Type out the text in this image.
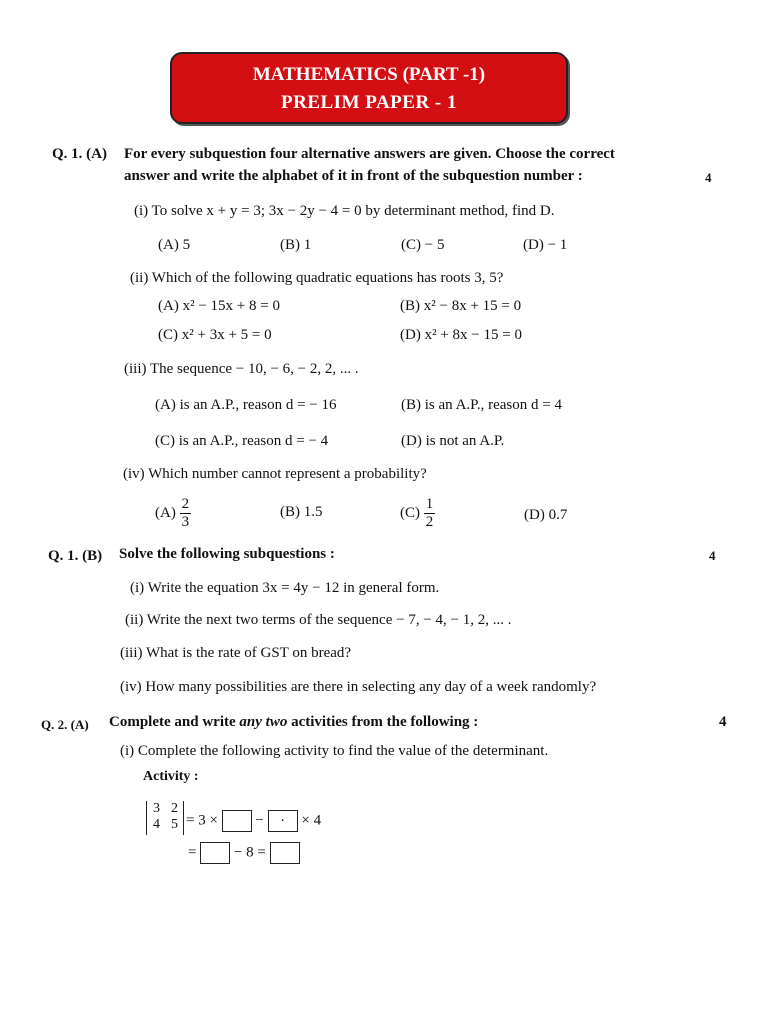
MATHEMATICS (PART -1)
PRELIM PAPER - 1
Q. 1. (A) For every subquestion four alternative answers are given. Choose the correct
answer and write the alphabet of it in front of the subquestion number :	4
(i) To solve x + y = 3; 3x − 2y − 4 = 0 by determinant method, find D.
(A) 5	(B) 1	(C) − 5	(D) − 1
(ii) Which of the following quadratic equations has roots 3, 5?
(A) x² − 15x + 8 = 0	(B) x² − 8x + 15 = 0
(C) x² + 3x + 5 = 0	(D) x² + 8x − 15 = 0
(iii) The sequence − 10, − 6, − 2, 2, ... .
(A) is an A.P., reason d = − 16	(B) is an A.P., reason d = 4
(C) is an A.P., reason d = − 4	(D) is not an A.P.
(iv) Which number cannot represent a probability?
$(A) \frac{2}{3}$	(B) 1.5	$(C) \frac{1}{2}$	(D) 0.7
Q. 1. (B) Solve the following subquestions :	4
(i) Write the equation 3x = 4y − 12 in general form.
(ii) Write the next two terms of the sequence − 7, − 4, − 1, 2, ... .
(iii) What is the rate of GST on bread?
(iv) How many possibilities are there in selecting any day of a week randomly?
Q. 2. (A) Complete and write any two activities from the following :	4
(i) Complete the following activity to find the value of the determinant.
Activity :
3 2
4 5 = 3 ×	− · × 4
=	− 8 =
